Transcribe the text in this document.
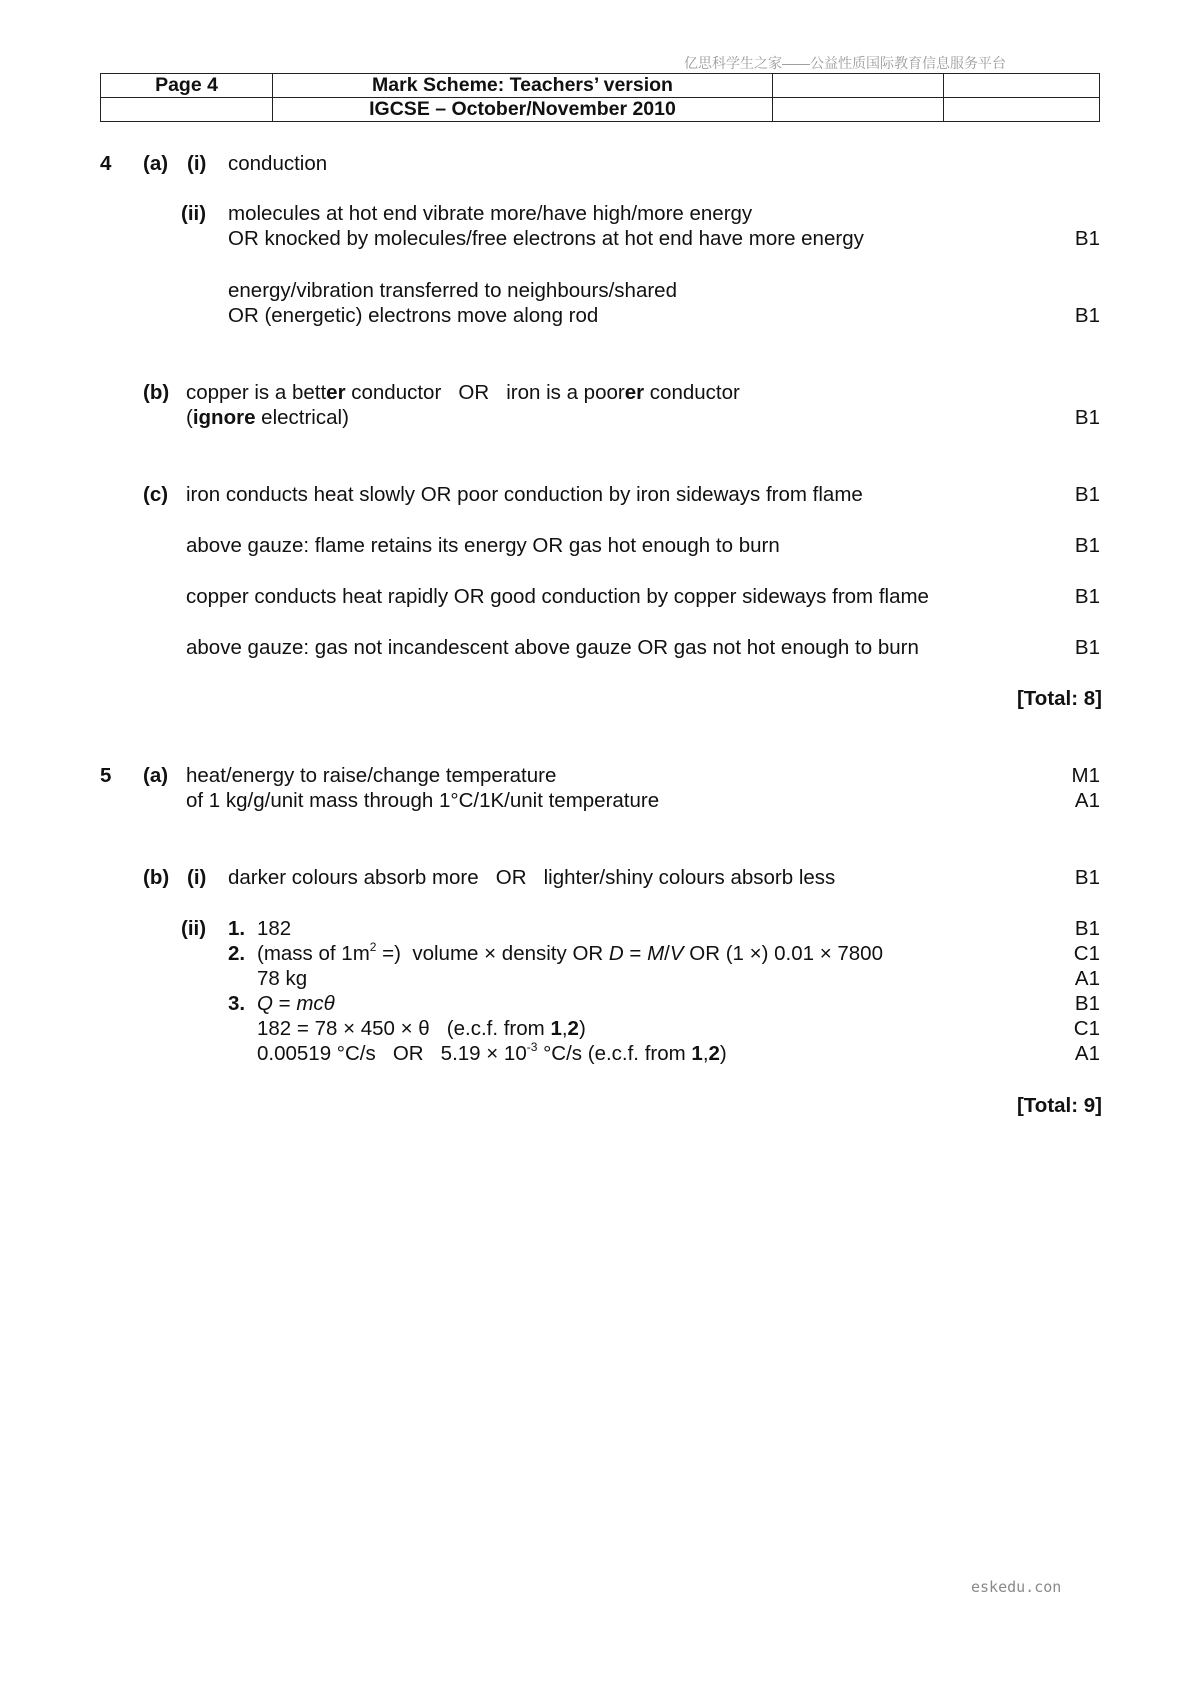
亿思科学生之家——公益性质国际教育信息服务平台
Page 4	Mark Scheme: Teachers’ version		
	IGCSE – October/November 2010		
4 (a) (i) conduction
(ii) molecules at hot end vibrate more/have high/more energy
OR knocked by molecules/free electrons at hot end have more energy	B1
energy/vibration transferred to neighbours/shared
OR (energetic) electrons move along rod	B1
(b) copper is a better conductor   OR   iron is a poorer conductor
(ignore electrical)	B1
(c) iron conducts heat slowly OR poor conduction by iron sideways from flame	B1
above gauze: flame retains its energy OR gas hot enough to burn	B1
copper conducts heat rapidly OR good conduction by copper sideways from flame	B1
above gauze: gas not incandescent above gauze OR gas not hot enough to burn	B1
[Total: 8]
5 (a) heat/energy to raise/change temperature	M1
of 1 kg/g/unit mass through 1°C/1K/unit temperature	A1
(b) (i) darker colours absorb more   OR   lighter/shiny colours absorb less	B1
(ii) 1. 182	B1
2. (mass of $1m^2$ =)  volume × density OR D = M/V OR (1 ×) 0.01 × 7800	C1
78 kg	A1
3. Q = mcθ	B1
182 = 78 × 450 × θ   (e.c.f. from 1,2)	C1
0.00519 °C/s   OR   $5.19 \times 10^{-3}$ °C/s (e.c.f. from 1,2)	A1
[Total: 9]
eskedu.con
